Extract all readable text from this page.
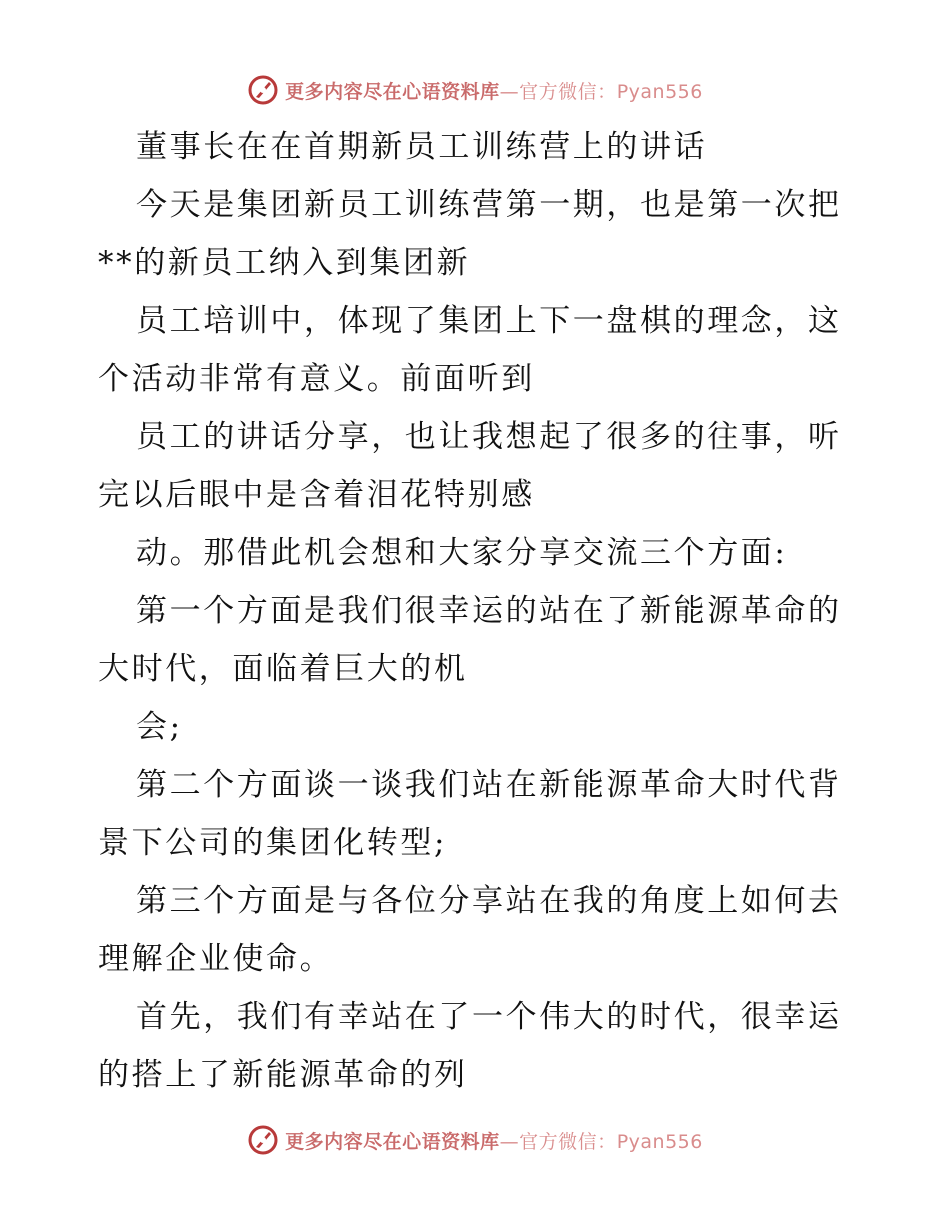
更多内容尽在心语资料库—官方微信：Pyan556
董事长在在首期新员工训练营上的讲话
今天是集团新员工训练营第一期，也是第一次把
**的新员工纳入到集团新
员工培训中，体现了集团上下一盘棋的理念，这
个活动非常有意义。前面听到
员工的讲话分享，也让我想起了很多的往事，听
完以后眼中是含着泪花特别感
动。那借此机会想和大家分享交流三个方面:
第一个方面是我们很幸运的站在了新能源革命的
大时代，面临着巨大的机
会;
第二个方面谈一谈我们站在新能源革命大时代背
景下公司的集团化转型;
第三个方面是与各位分享站在我的角度上如何去
理解企业使命。
首先，我们有幸站在了一个伟大的时代，很幸运
的搭上了新能源革命的列
更多内容尽在心语资料库—官方微信：Pyan556
